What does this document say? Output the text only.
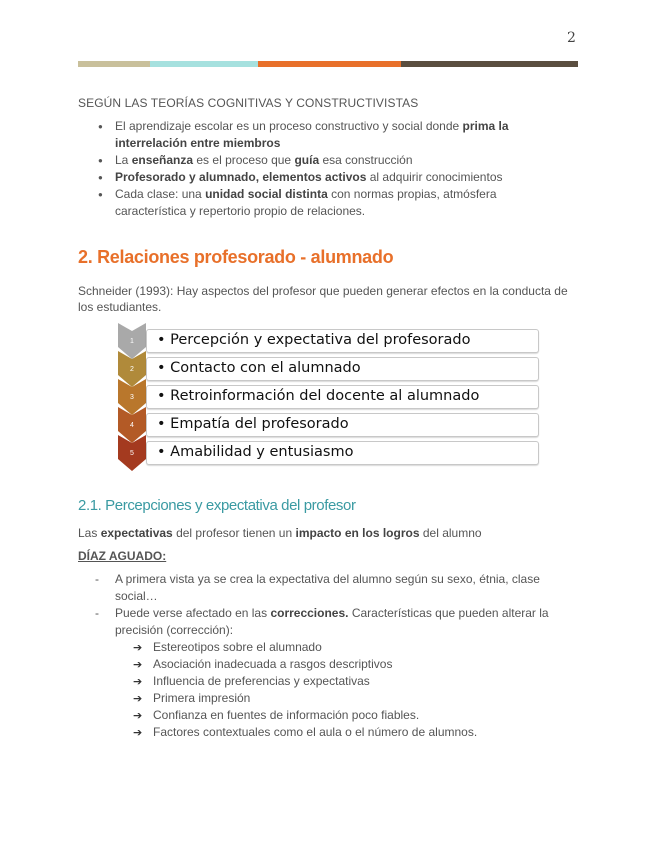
2
SEGÚN LAS TEORÍAS COGNITIVAS Y CONSTRUCTIVISTAS
● El aprendizaje escolar es un proceso constructivo y social donde prima la interrelación entre miembros
● La enseñanza es el proceso que guía esa construcción
● Profesorado y alumnado, elementos activos al adquirir conocimientos
● Cada clase: una unidad social distinta con normas propias, atmósfera característica y repertorio propio de relaciones.
2. Relaciones profesorado - alumnado
Schneider (1993): Hay aspectos del profesor que pueden generar efectos en la conducta de los estudiantes.
1 • Percepción y expectativa del profesorado
2 • Contacto con el alumnado
3 • Retroinformación del docente al alumnado
4 • Empatía del profesorado
5 • Amabilidad y entusiasmo
2.1. Percepciones y expectativa del profesor
Las expectativas del profesor tienen un impacto en los logros del alumno
DÍAZ AGUADO:
- A primera vista ya se crea la expectativa del alumno según su sexo, étnia, clase social…
- Puede verse afectado en las correcciones. Características que pueden alterar la precisión (corrección):
➔ Estereotipos sobre el alumnado
➔ Asociación inadecuada a rasgos descriptivos
➔ Influencia de preferencias y expectativas
➔ Primera impresión
➔ Confianza en fuentes de información poco fiables.
➔ Factores contextuales como el aula o el número de alumnos.
